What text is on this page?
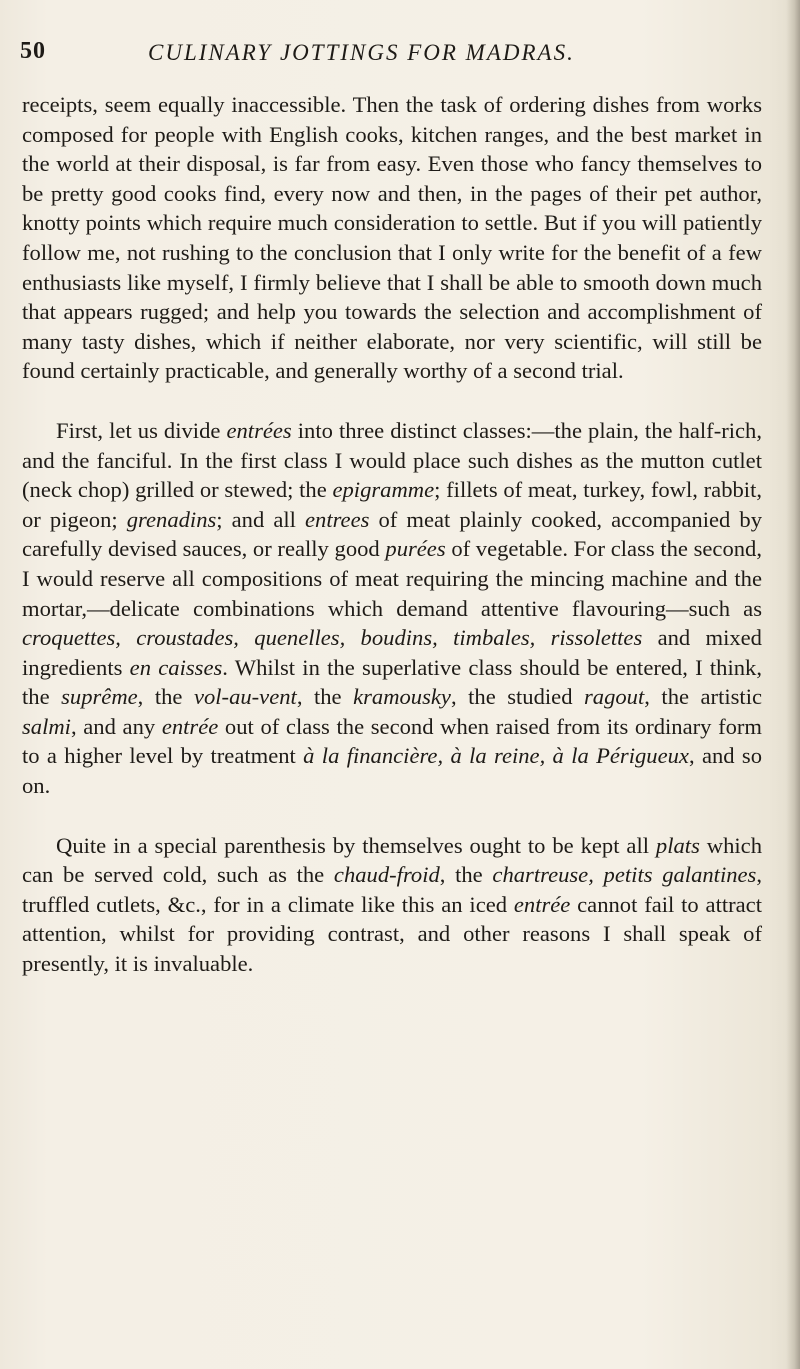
50	CULINARY JOTTINGS FOR MADRAS.

receipts, seem equally inaccessible. Then the task of ordering dishes from works composed for people with English cooks, kitchen ranges, and the best market in the world at their disposal, is far from easy. Even those who fancy themselves to be pretty good cooks find, every now and then, in the pages of their pet author, knotty points which require much consideration to settle. But if you will patiently follow me, not rushing to the conclusion that I only write for the benefit of a few enthusiasts like myself, I firmly believe that I shall be able to smooth down much that appears rugged; and help you towards the selection and accomplishment of many tasty dishes, which if neither elaborate, nor very scientific, will still be found certainly practicable, and generally worthy of a second trial.

First, let us divide entrées into three distinct classes:—the plain, the half-rich, and the fanciful. In the first class I would place such dishes as the mutton cutlet (neck chop) grilled or stewed; the epigramme; fillets of meat, turkey, fowl, rabbit, or pigeon; grenadins; and all entrees of meat plainly cooked, accompanied by carefully devised sauces, or really good purées of vegetable. For class the second, I would reserve all compositions of meat requiring the mincing machine and the mortar,—delicate combinations which demand attentive flavouring—such as croquettes, croustades, quenelles, boudins, timbales, rissolettes and mixed ingredients en caisses. Whilst in the superlative class should be entered, I think, the suprême, the vol-au-vent, the kramousky, the studied ragout, the artistic salmi, and any entrée out of class the second when raised from its ordinary form to a higher level by treatment à la financière, à la reine, à la Périgueux, and so on.

Quite in a special parenthesis by themselves ought to be kept all plats which can be served cold, such as the chaud-froid, the chartreuse, petits galantines, truffled cutlets, &c., for in a climate like this an iced entrée cannot fail to attract attention, whilst for providing contrast, and other reasons I shall speak of presently, it is invaluable.
